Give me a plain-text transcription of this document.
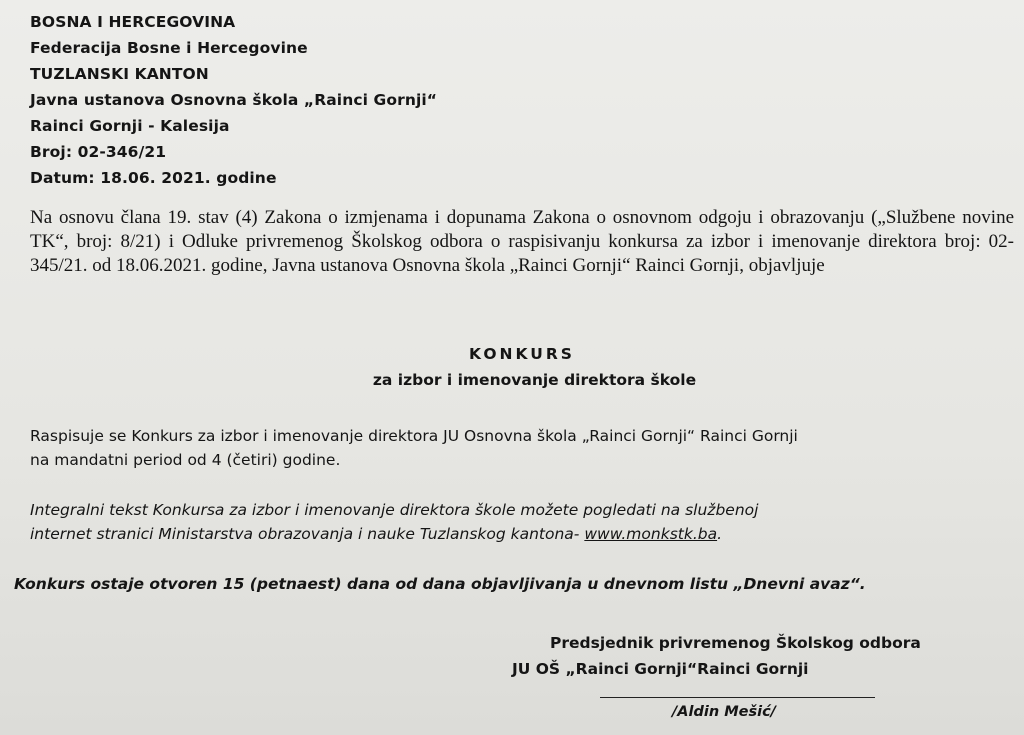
BOSNA I HERCEGOVINA
Federacija Bosne i Hercegovine
TUZLANSKI KANTON
Javna ustanova Osnovna škola „Rainci Gornji“
Rainci Gornji - Kalesija
Broj: 02-346/21
Datum: 18.06. 2021. godine
Na osnovu člana 19. stav (4) Zakona o izmjenama i dopunama Zakona o osnovnom odgoju i obrazovanju („Službene novine TK“, broj: 8/21) i Odluke privremenog Školskog odbora o raspisivanju konkursa za izbor i imenovanje direktora broj: 02-345/21. od 18.06.2021. godine, Javna ustanova Osnovna škola „Rainci Gornji“ Rainci Gornji, objavljuje
KONKURS
za izbor i imenovanje direktora škole
Raspisuje se Konkurs za izbor i imenovanje direktora JU Osnovna škola „Rainci Gornji“ Rainci Gornji
na mandatni period od 4 (četiri) godine.
Integralni tekst Konkursa za izbor i imenovanje direktora škole možete pogledati na službenoj
internet stranici Ministarstva obrazovanja i nauke Tuzlanskog kantona- www.monkstk.ba.
Konkurs ostaje otvoren 15 (petnaest) dana od dana objavljivanja u dnevnom listu „Dnevni avaz“.
Predsjednik privremenog Školskog odbora
JU OŠ „Rainci Gornji“Rainci Gornji
/Aldin Mešić/
